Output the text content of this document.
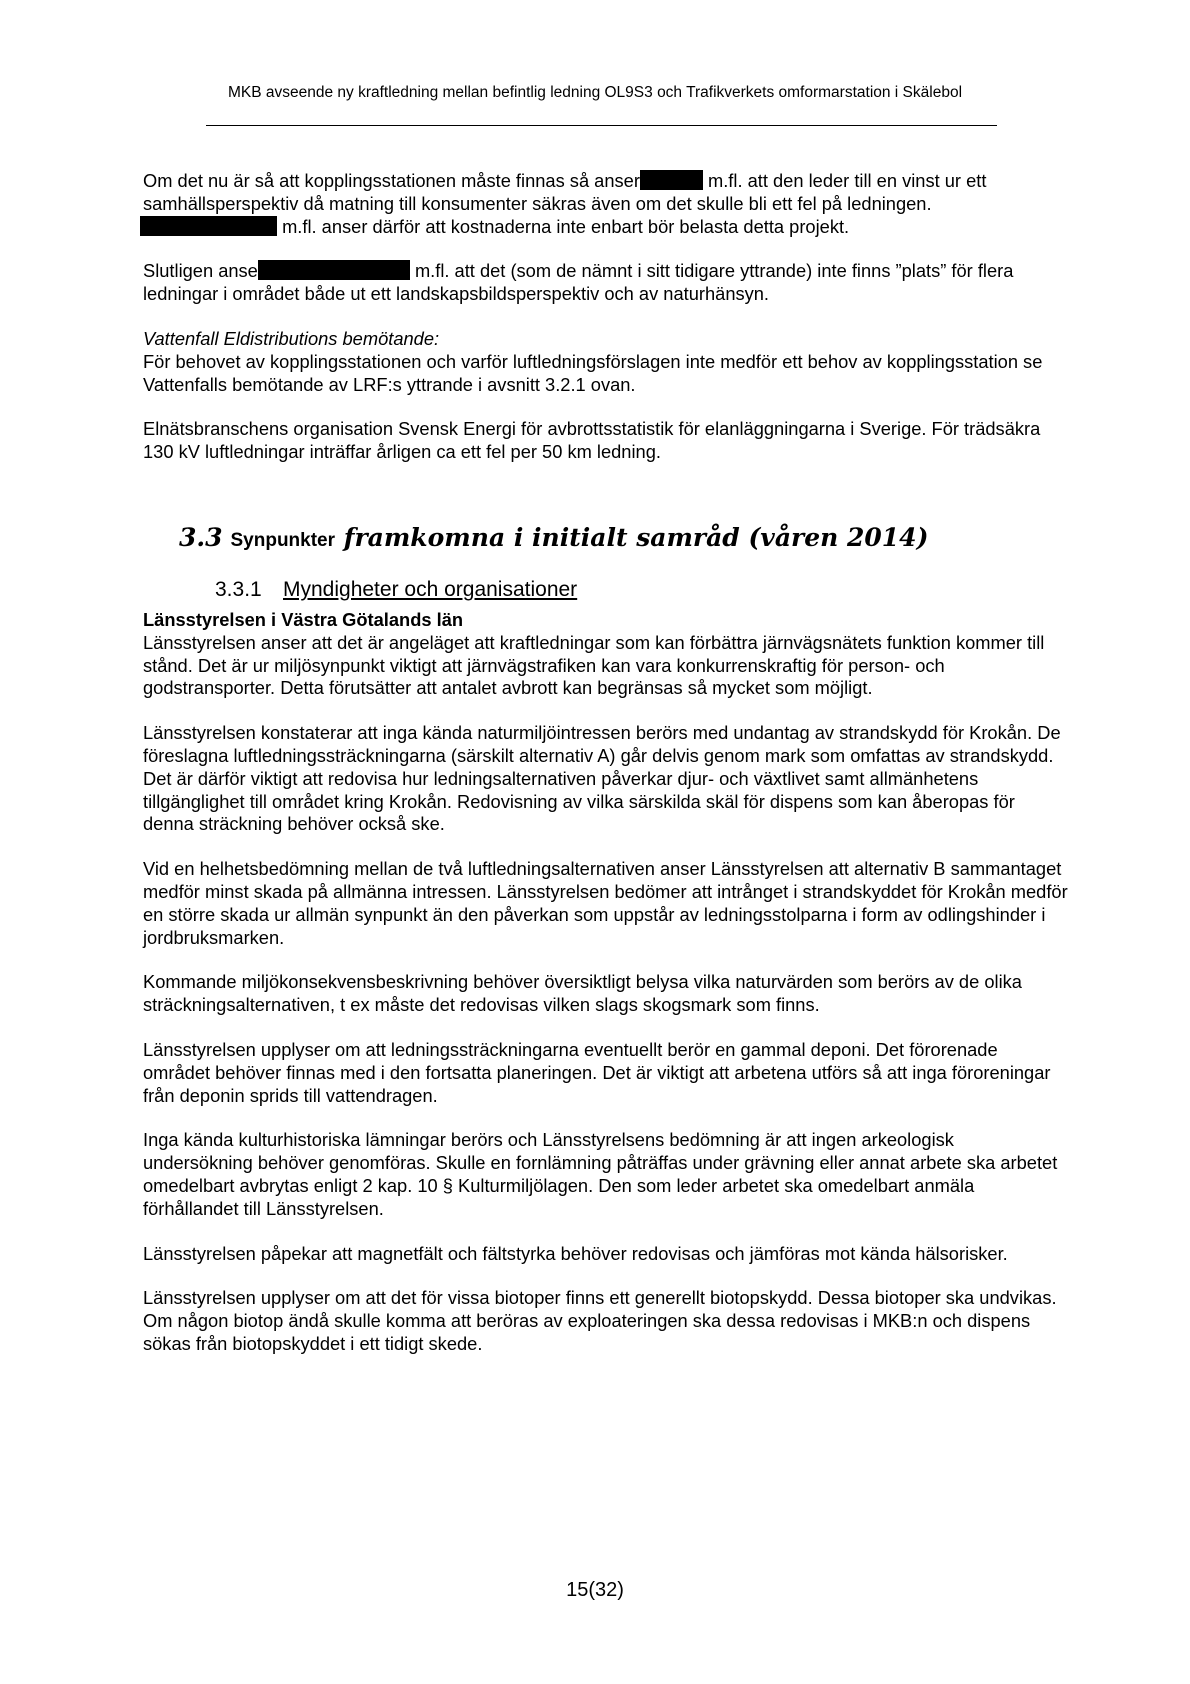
MKB avseende ny kraftledning mellan befintlig ledning OL9S3 och Trafikverkets omformarstation i Skälebol

Om det nu är så att kopplingsstationen måste finnas så anser	m.fl. att den leder till en vinst ur ett samhällsperspektiv då matning till konsumenter säkras även om det skulle bli ett fel på ledningen.
m.fl. anser därför att kostnaderna inte enbart bör belasta detta projekt.

Slutligen anse	m.fl. att det (som de nämnt i sitt tidigare yttrande) inte finns ”plats” för flera ledningar i området både ut ett landskapsbildsperspektiv och av naturhänsyn.

Vattenfall Eldistributions bemötande:

För behovet av kopplingsstationen och varför luftledningsförslagen inte medför ett behov av kopplingsstation se Vattenfalls bemötande av LRF:s yttrande i avsnitt 3.2.1 ovan.

Elnätsbranschens organisation Svensk Energi för avbrottsstatistik för elanläggningarna i Sverige. För trädsäkra 130 kV luftledningar inträffar årligen ca ett fel per 50 km ledning.

3.3 Synpunkter framkomna i initialt samråd (våren 2014)
3.3.1 Myndigheter och organisationer

Länsstyrelsen i Västra Götalands län

Länsstyrelsen anser att det är angeläget att kraftledningar som kan förbättra järnvägsnätets funktion kommer till stånd. Det är ur miljösynpunkt viktigt att järnvägstrafiken kan vara konkurrenskraftig för person- och godstransporter. Detta förutsätter att antalet avbrott kan begränsas så mycket som möjligt.

Länsstyrelsen konstaterar att inga kända naturmiljöintressen berörs med undantag av strandskydd för Krokån. De föreslagna luftledningssträckningarna (särskilt alternativ A) går delvis genom mark som omfattas av strandskydd. Det är därför viktigt att redovisa hur ledningsalternativen påverkar djur- och växtlivet samt allmänhetens tillgänglighet till området kring Krokån. Redovisning av vilka särskilda skäl för dispens som kan åberopas för denna sträckning behöver också ske.

Vid en helhetsbedömning mellan de två luftledningsalternativen anser Länsstyrelsen att alternativ B sammantaget medför minst skada på allmänna intressen. Länsstyrelsen bedömer att intrånget i strandskyddet för Krokån medför en större skada ur allmän synpunkt än den påverkan som uppstår av ledningsstolparna i form av odlingshinder i jordbruksmarken.

Kommande miljökonsekvensbeskrivning behöver översiktligt belysa vilka naturvärden som berörs av de olika sträckningsalternativen, t ex måste det redovisas vilken slags skogsmark som finns.

Länsstyrelsen upplyser om att ledningssträckningarna eventuellt berör en gammal deponi. Det förorenade området behöver finnas med i den fortsatta planeringen. Det är viktigt att arbetena utförs så att inga föroreningar från deponin sprids till vattendragen.

Inga kända kulturhistoriska lämningar berörs och Länsstyrelsens bedömning är att ingen arkeologisk undersökning behöver genomföras. Skulle en fornlämning påträffas under grävning eller annat arbete ska arbetet omedelbart avbrytas enligt 2 kap. 10 § Kulturmiljölagen. Den som leder arbetet ska omedelbart anmäla förhållandet till Länsstyrelsen.

Länsstyrelsen påpekar att magnetfält och fältstyrka behöver redovisas och jämföras mot kända hälsorisker.

Länsstyrelsen upplyser om att det för vissa biotoper finns ett generellt biotopskydd. Dessa biotoper ska undvikas. Om någon biotop ändå skulle komma att beröras av exploateringen ska dessa redovisas i MKB:n och dispens sökas från biotopskyddet i ett tidigt skede.

15(32)
